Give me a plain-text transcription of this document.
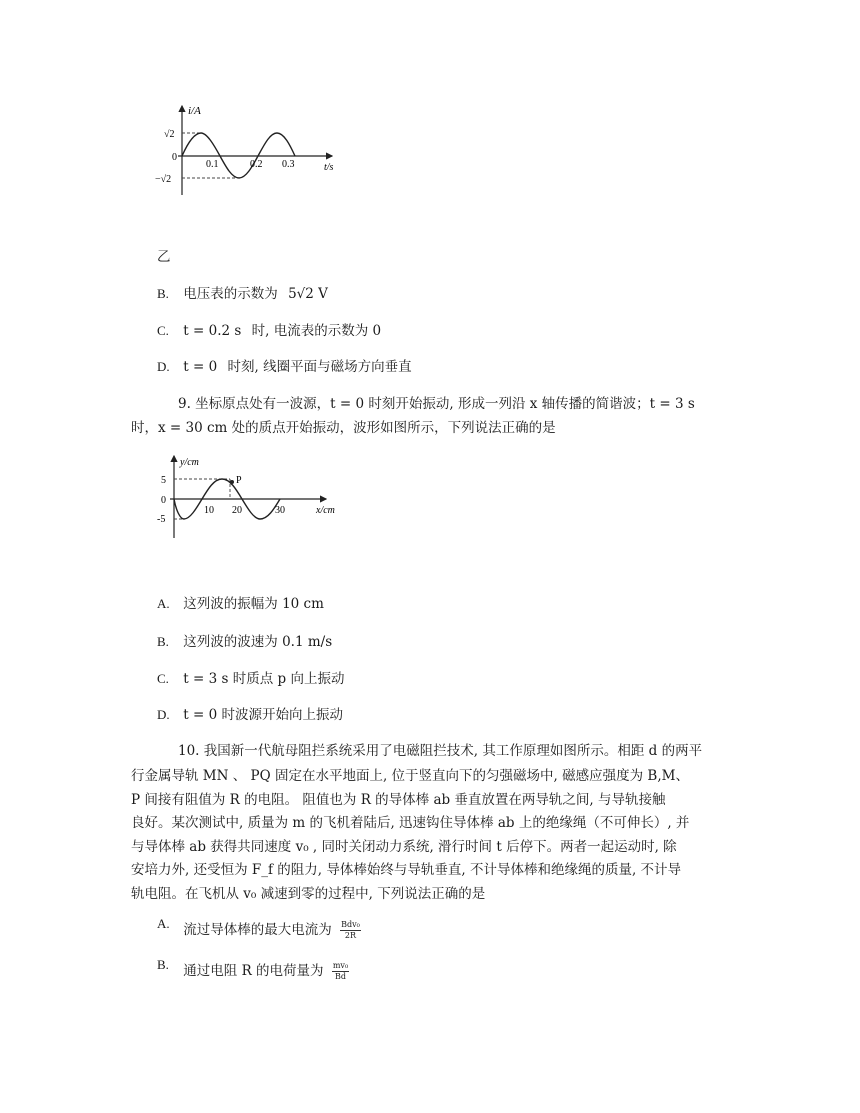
i/A
√2
0
−√2
0.1	0.2 0.3	t/s
乙
B. 电压表的示数为 5√2 V
C. t = 0.2 s 时, 电流表的示数为 0
D. t = 0 时刻, 线圈平面与磁场方向垂直
9. 坐标原点处有一波源，t = 0 时刻开始振动, 形成一列沿 x 轴传播的简谐波；t = 3 s
时，x = 30 cm 处的质点开始振动，波形如图所示，下列说法正确的是
P
y/cm
5
0
-5
10 20	30	x/cm
A. 这列波的振幅为 10 cm
B. 这列波的波速为 0.1 m/s
C. t = 3 s 时质点 p 向上振动
D. t = 0 时波源开始向上振动
10. 我国新一代航母阻拦系统采用了电磁阻拦技术, 其工作原理如图所示。相距 d 的两平
行金属导轨 MN 、 PQ 固定在水平地面上, 位于竖直向下的匀强磁场中, 磁感应强度为 B,M、
P 间接有阻值为 R 的电阻。 阻值也为 R 的导体棒 ab 垂直放置在两导轨之间, 与导轨接触
良好。某次测试中, 质量为 m 的飞机着陆后, 迅速钩住导体棒 ab 上的绝缘绳（不可伸长）, 并
与导体棒 ab 获得共同速度 v₀ , 同时关闭动力系统, 滑行时间 t 后停下。两者一起运动时, 除
安培力外, 还受恒为 F_f 的阻力, 导体棒始终与导轨垂直, 不计导体棒和绝缘绳的质量, 不计导
轨电阻。在飞机从 v₀ 减速到零的过程中, 下列说法正确的是
A. 流过导体棒的最大电流为 $\frac{\text{Bdv₀}}{2R}$
B. 通过电阻 R 的电荷量为 $\frac{\text{mv₀}}{Bd}$
